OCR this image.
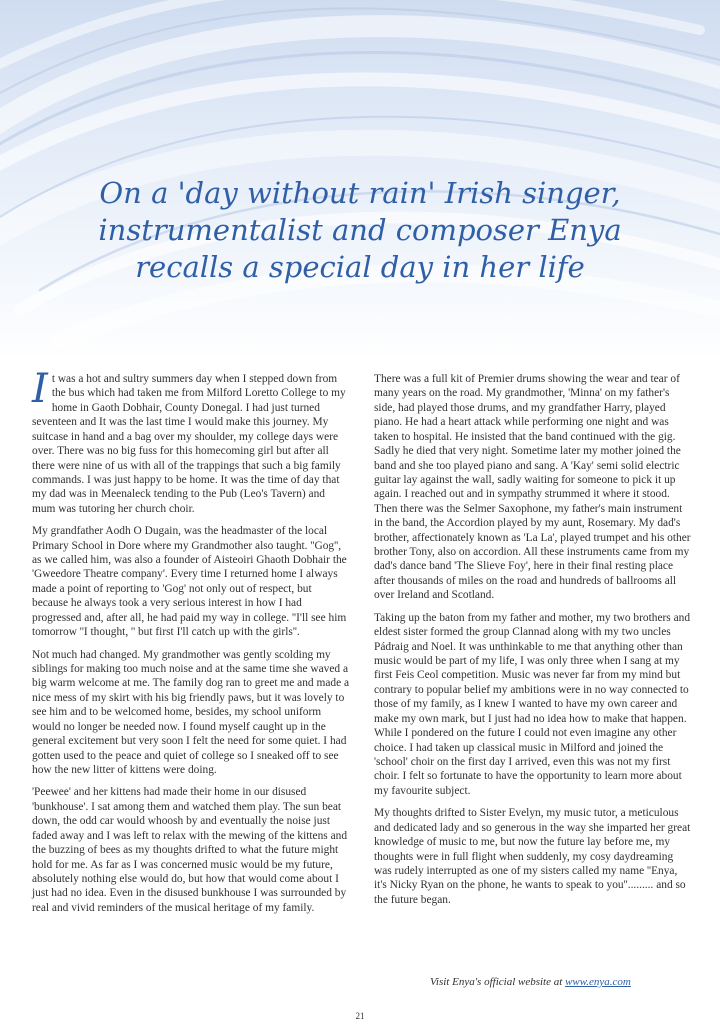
On a 'day without rain' Irish singer, instrumentalist and composer Enya recalls a special day in her life

It was a hot and sultry summers day when I stepped down from the bus which had taken me from Milford Loretto College to my home in Gaoth Dobhair, County Donegal. I had just turned seventeen and It was the last time I would make this journey. My suitcase in hand and a bag over my shoulder, my college days were over. There was no big fuss for this homecoming girl but after all there were nine of us with all of the trappings that such a big family commands. I was just happy to be home. It was the time of day that my dad was in Meenaleck tending to the Pub (Leo's Tavern) and mum was tutoring her church choir.

My grandfather Aodh O Dugain, was the headmaster of the local Primary School in Dore where my Grandmother also taught. ''Gog'', as we called him, was also a founder of Aisteoiri Ghaoth Dobhair the 'Gweedore Theatre company'. Every time I returned home I always made a point of reporting to 'Gog' not only out of respect, but because he always took a very serious interest in how I had progressed and, after all, he had paid my way in college. ''I'll see him tomorrow ''I thought, '' but first I'll catch up with the girls''.

Not much had changed. My grandmother was gently scolding my siblings for making too much noise and at the same time she waved a big warm welcome at me. The family dog ran to greet me and made a nice mess of my skirt with his big friendly paws, but it was lovely to see him and to be welcomed home, besides, my school uniform would no longer be needed now. I found myself caught up in the general excitement but very soon I felt the need for some quiet. I had gotten used to the peace and quiet of college so I sneaked off to see how the new litter of kittens were doing.

'Peewee' and her kittens had made their home in our disused 'bunkhouse'. I sat among them and watched them play. The sun beat down, the odd car would whoosh by and eventually the noise just faded away and I was left to relax with the mewing of the kittens and the buzzing of bees as my thoughts drifted to what the future might hold for me. As far as I was concerned music would be my future, absolutely nothing else would do, but how that would come about I just had no idea. Even in the disused bunkhouse I was surrounded by real and vivid reminders of the musical heritage of my family.

There was a full kit of Premier drums showing the wear and tear of many years on the road. My grandmother, 'Minna' on my father's side, had played those drums, and my grandfather Harry, played piano. He had a heart attack while performing one night and was taken to hospital. He insisted that the band continued with the gig. Sadly he died that very night. Sometime later my mother joined the band and she too played piano and sang. A 'Kay' semi solid electric guitar lay against the wall, sadly waiting for someone to pick it up again. I reached out and in sympathy strummed it where it stood. Then there was the Selmer Saxophone, my father's main instrument in the band, the Accordion played by my aunt, Rosemary. My dad's brother, affectionately known as 'La La', played trumpet and his other brother Tony, also on accordion. All these instruments came from my dad's dance band 'The Slieve Foy', here in their final resting place after thousands of miles on the road and hundreds of ballrooms all over Ireland and Scotland.

Taking up the baton from my father and mother, my two brothers and eldest sister formed the group Clannad along with my two uncles Pádraig and Noel. It was unthinkable to me that anything other than music would be part of my life, I was only three when I sang at my first Feis Ceol competition. Music was never far from my mind but contrary to popular belief my ambitions were in no way connected to those of my family, as I knew I wanted to have my own career and make my own mark, but I just had no idea how to make that happen. While I pondered on the future I could not even imagine any other choice. I had taken up classical music in Milford and joined the 'school' choir on the first day I arrived, even this was not my first choir. I felt so fortunate to have the opportunity to learn more about my favourite subject.

My thoughts drifted to Sister Evelyn, my music tutor, a meticulous and dedicated lady and so generous in the way she imparted her great knowledge of music to me, but now the future lay before me, my thoughts were in full flight when suddenly, my cosy daydreaming was rudely interrupted as one of my sisters called my name ''Enya, it's Nicky Ryan on the phone, he wants to speak to you''......... and so the future began.

Visit Enya's official website at www.enya.com
21
